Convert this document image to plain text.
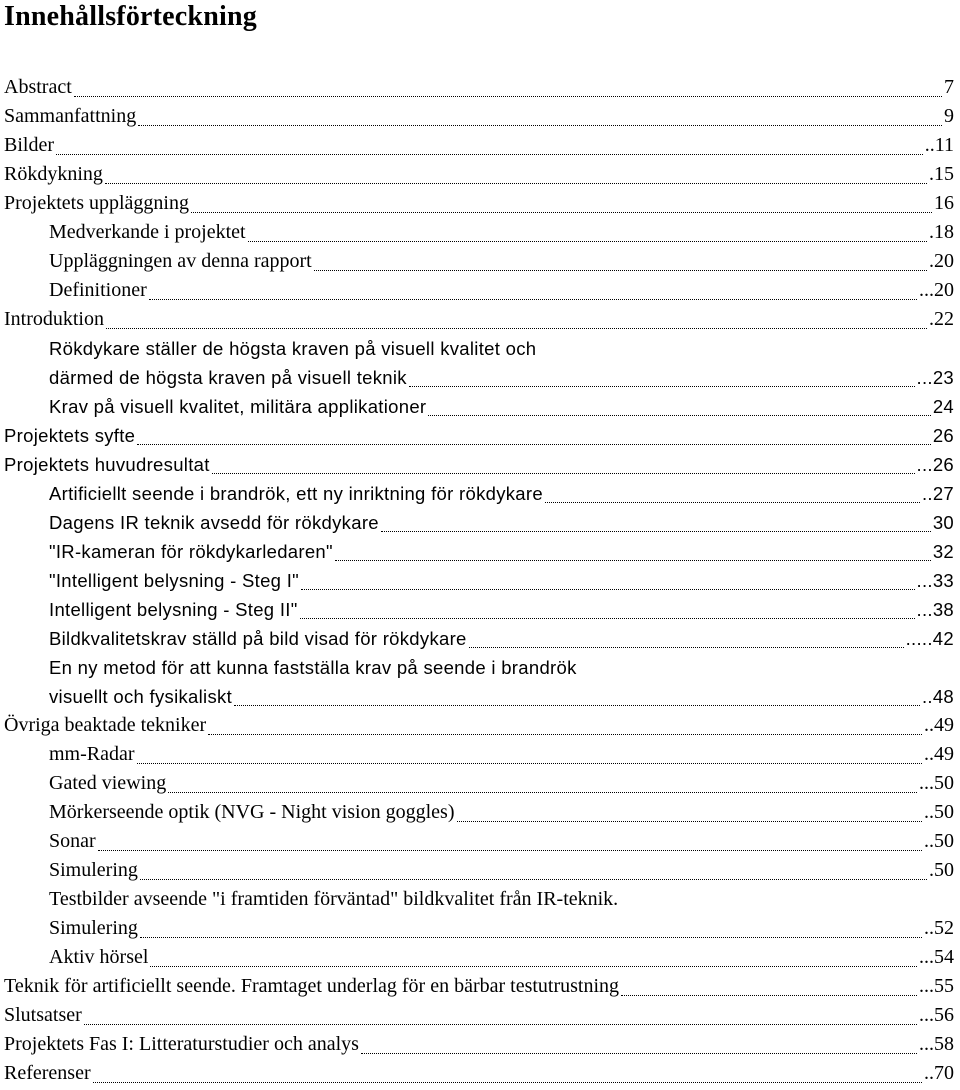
Innehållsförteckning
Abstract	7
Sammanfattning	9
Bilder	..11
Rökdykning	.15
Projektets uppläggning	16
Medverkande i projektet	.18
Uppläggningen av denna rapport	.20
Definitioner	...20
Introduktion	.22
Rökdykare ställer de högsta kraven på visuell kvalitet och
därmed de högsta kraven på visuell teknik	...23
Krav på visuell kvalitet, militära applikationer	24
Projektets syfte	26
Projektets huvudresultat	...26
Artificiellt seende i brandrök, ett ny inriktning för rökdykare	..27
Dagens IR teknik avsedd för rökdykare	30
"IR-kameran för rökdykarledaren"	32
"Intelligent belysning - Steg I"	...33
Intelligent belysning - Steg II"	...38
Bildkvalitetskrav ställd på bild visad för rökdykare	.....42
En ny metod för att kunna fastställa krav på seende i brandrök
visuellt och fysikaliskt	..48
Övriga beaktade tekniker	..49
mm-Radar	..49
Gated viewing	...50
Mörkerseende optik (NVG - Night vision goggles)	..50
Sonar	..50
Simulering	.50
Testbilder avseende "i framtiden förväntad" bildkvalitet från IR-teknik.
Simulering	..52
Aktiv hörsel	...54
Teknik för artificiellt seende. Framtaget underlag för en bärbar testutrustning	...55
Slutsatser	...56
Projektets Fas I: Litteraturstudier och analys	...58
Referenser	..70
